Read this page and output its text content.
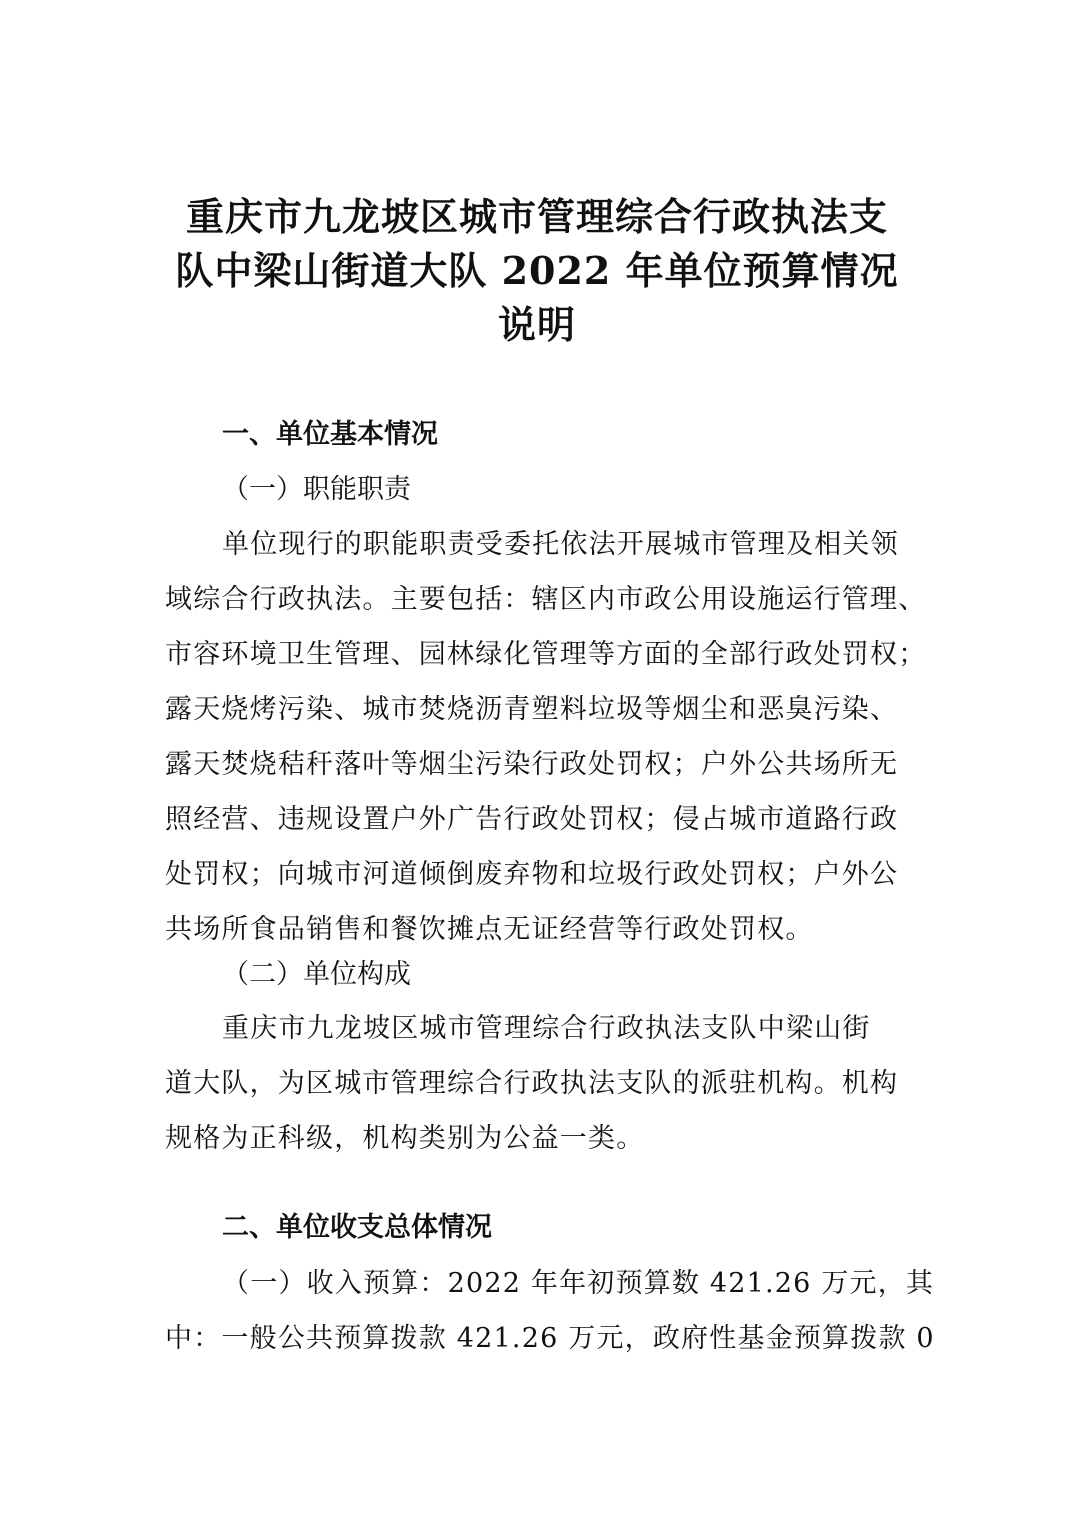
重庆市九龙坡区城市管理综合行政执法支
队中梁山街道大队 2022 年单位预算情况
说明
一、单位基本情况
（一）职能职责
单位现行的职能职责受委托依法开展城市管理及相关领
域综合行政执法。主要包括：辖区内市政公用设施运行管理、
市容环境卫生管理、园林绿化管理等方面的全部行政处罚权；
露天烧烤污染、城市焚烧沥青塑料垃圾等烟尘和恶臭污染、
露天焚烧秸秆落叶等烟尘污染行政处罚权；户外公共场所无
照经营、违规设置户外广告行政处罚权；侵占城市道路行政
处罚权；向城市河道倾倒废弃物和垃圾行政处罚权；户外公
共场所食品销售和餐饮摊点无证经营等行政处罚权。
（二）单位构成
重庆市九龙坡区城市管理综合行政执法支队中梁山街
道大队，为区城市管理综合行政执法支队的派驻机构。机构
规格为正科级，机构类别为公益一类。
二、单位收支总体情况
（一）收入预算：2022 年年初预算数 421.26 万元，其
中：一般公共预算拨款 421.26 万元，政府性基金预算拨款 0
